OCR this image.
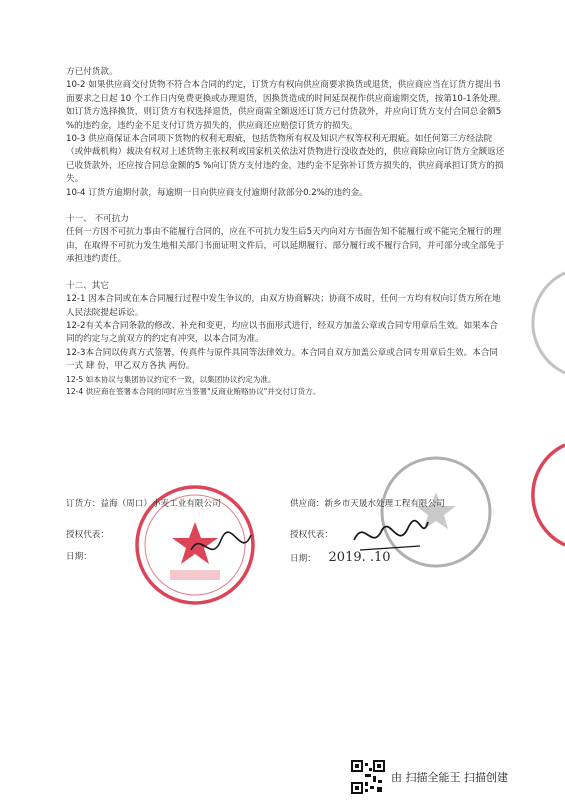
方已付货款。

10-2 如果供应商交付货物不符合本合同的约定，订货方有权向供应商要求换货或退货，供应商应当在订货方提出书面要求之日起 10 个工作日内免费更换或办理退货，因换货造成的时间延误视作供应商逾期交货，按第10-1条处理。如订货方选择换货，则订货方有权选择退货，供应商需全额返还订货方已付货款外，并应向订货方支付合同总金额5 %的违约金，违约金不足支付订货方损失的，供应商还应赔偿订货方的损失。

10-3 供应商保证本合同项下货物的权利无瑕疵，包括货物所有权及知识产权等权利无瑕疵。如任何第三方经法院（或仲裁机构）裁决有权对上述货物主张权利或国家机关依法对货物进行没收查处的，供应商除应向订货方全额返还已收货款外，还应按合同总金额的5 %向订货方支付违约金，违约金不足弥补订货方损失的，供应商承担订货方的损失。

10-4 订货方逾期付款，每逾期一日向供应商支付逾期付款部分0.2%的违约金。

十一、 不可抗力

任何一方因不可抗力事由不能履行合同的，应在不可抗力发生后5天内向对方书面告知不能履行或不能完全履行的理由，在取得不可抗力发生地相关部门书面证明文件后，可以延期履行、部分履行或不履行合同，并可部分或全部免于承担违约责任。

十二、其它

12-1 因本合同或在本合同履行过程中发生争议的，由双方协商解决；协商不成时，任何一方均有权向订货方所在地人民法院提起诉讼。

12-2有关本合同条款的修改、补充和变更，均应以书面形式进行，经双方加盖公章或合同专用章后生效。如果本合同的约定与之前双方的约定有冲突，以本合同为准。

12-3本合同以传真方式签署，传真件与原件具同等法律效力。本合同自双方加盖公章或合同专用章后生效。本合同一式 肆 份，甲乙双方各执 两份。

12-5 如本协议与集团协议约定不一致，以集团协议约定为准。

12-4 供应商在签署本合同的同时应当签署"反商业贿赂协议"并交付订货方。

订货方：益海（周口）小麦工业有限公司	供应商：新乡市天晟水处理工程有限公司
授权代表：	授权代表：
日期：	日期： 2019. .10
由 扫描全能王 扫描创建
